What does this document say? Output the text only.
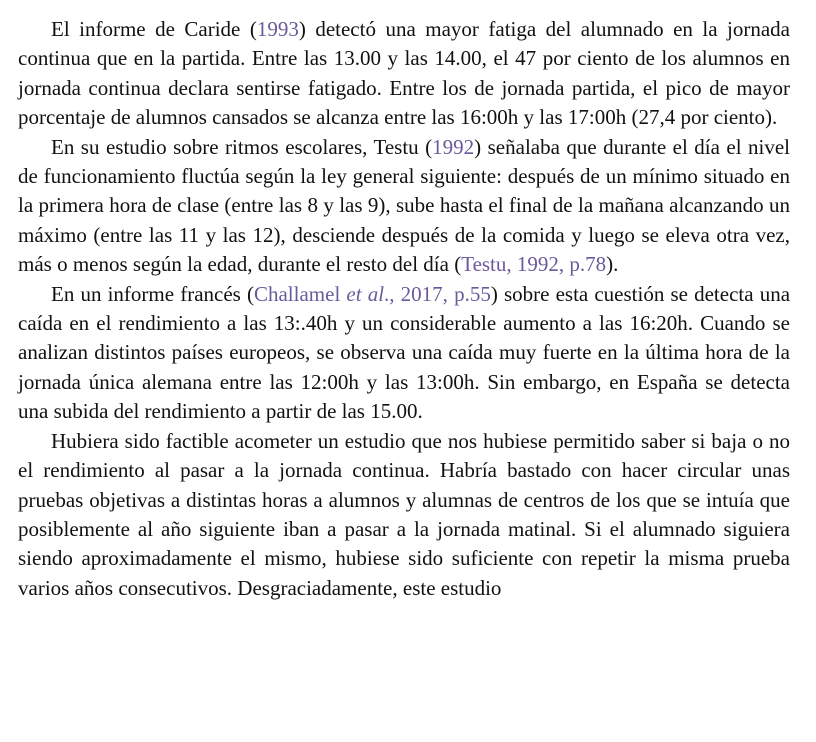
El informe de Caride (1993) detectó una mayor fatiga del alumnado en la jornada continua que en la partida. Entre las 13.00 y las 14.00, el 47 por ciento de los alumnos en jornada continua declara sentirse fatigado. Entre los de jornada partida, el pico de mayor porcentaje de alumnos cansados se alcanza entre las 16:00h y las 17:00h (27,4 por ciento).

En su estudio sobre ritmos escolares, Testu (1992) señalaba que durante el día el nivel de funcionamiento fluctúa según la ley general siguiente: después de un mínimo situado en la primera hora de clase (entre las 8 y las 9), sube hasta el final de la mañana alcanzando un máximo (entre las 11 y las 12), desciende después de la comida y luego se eleva otra vez, más o menos según la edad, durante el resto del día (Testu, 1992, p.78).

En un informe francés (Challamel et al., 2017, p.55) sobre esta cuestión se detecta una caída en el rendimiento a las 13:.40h y un considerable aumento a las 16:20h. Cuando se analizan distintos países europeos, se observa una caída muy fuerte en la última hora de la jornada única alemana entre las 12:00h y las 13:00h. Sin embargo, en España se detecta una subida del rendimiento a partir de las 15.00.

Hubiera sido factible acometer un estudio que nos hubiese permitido saber si baja o no el rendimiento al pasar a la jornada continua. Habría bastado con hacer circular unas pruebas objetivas a distintas horas a alumnos y alumnas de centros de los que se intuía que posiblemente al año siguiente iban a pasar a la jornada matinal. Si el alumnado siguiera siendo aproximadamente el mismo, hubiese sido suficiente con repetir la misma prueba varios años consecutivos. Desgraciadamente, este estudio
